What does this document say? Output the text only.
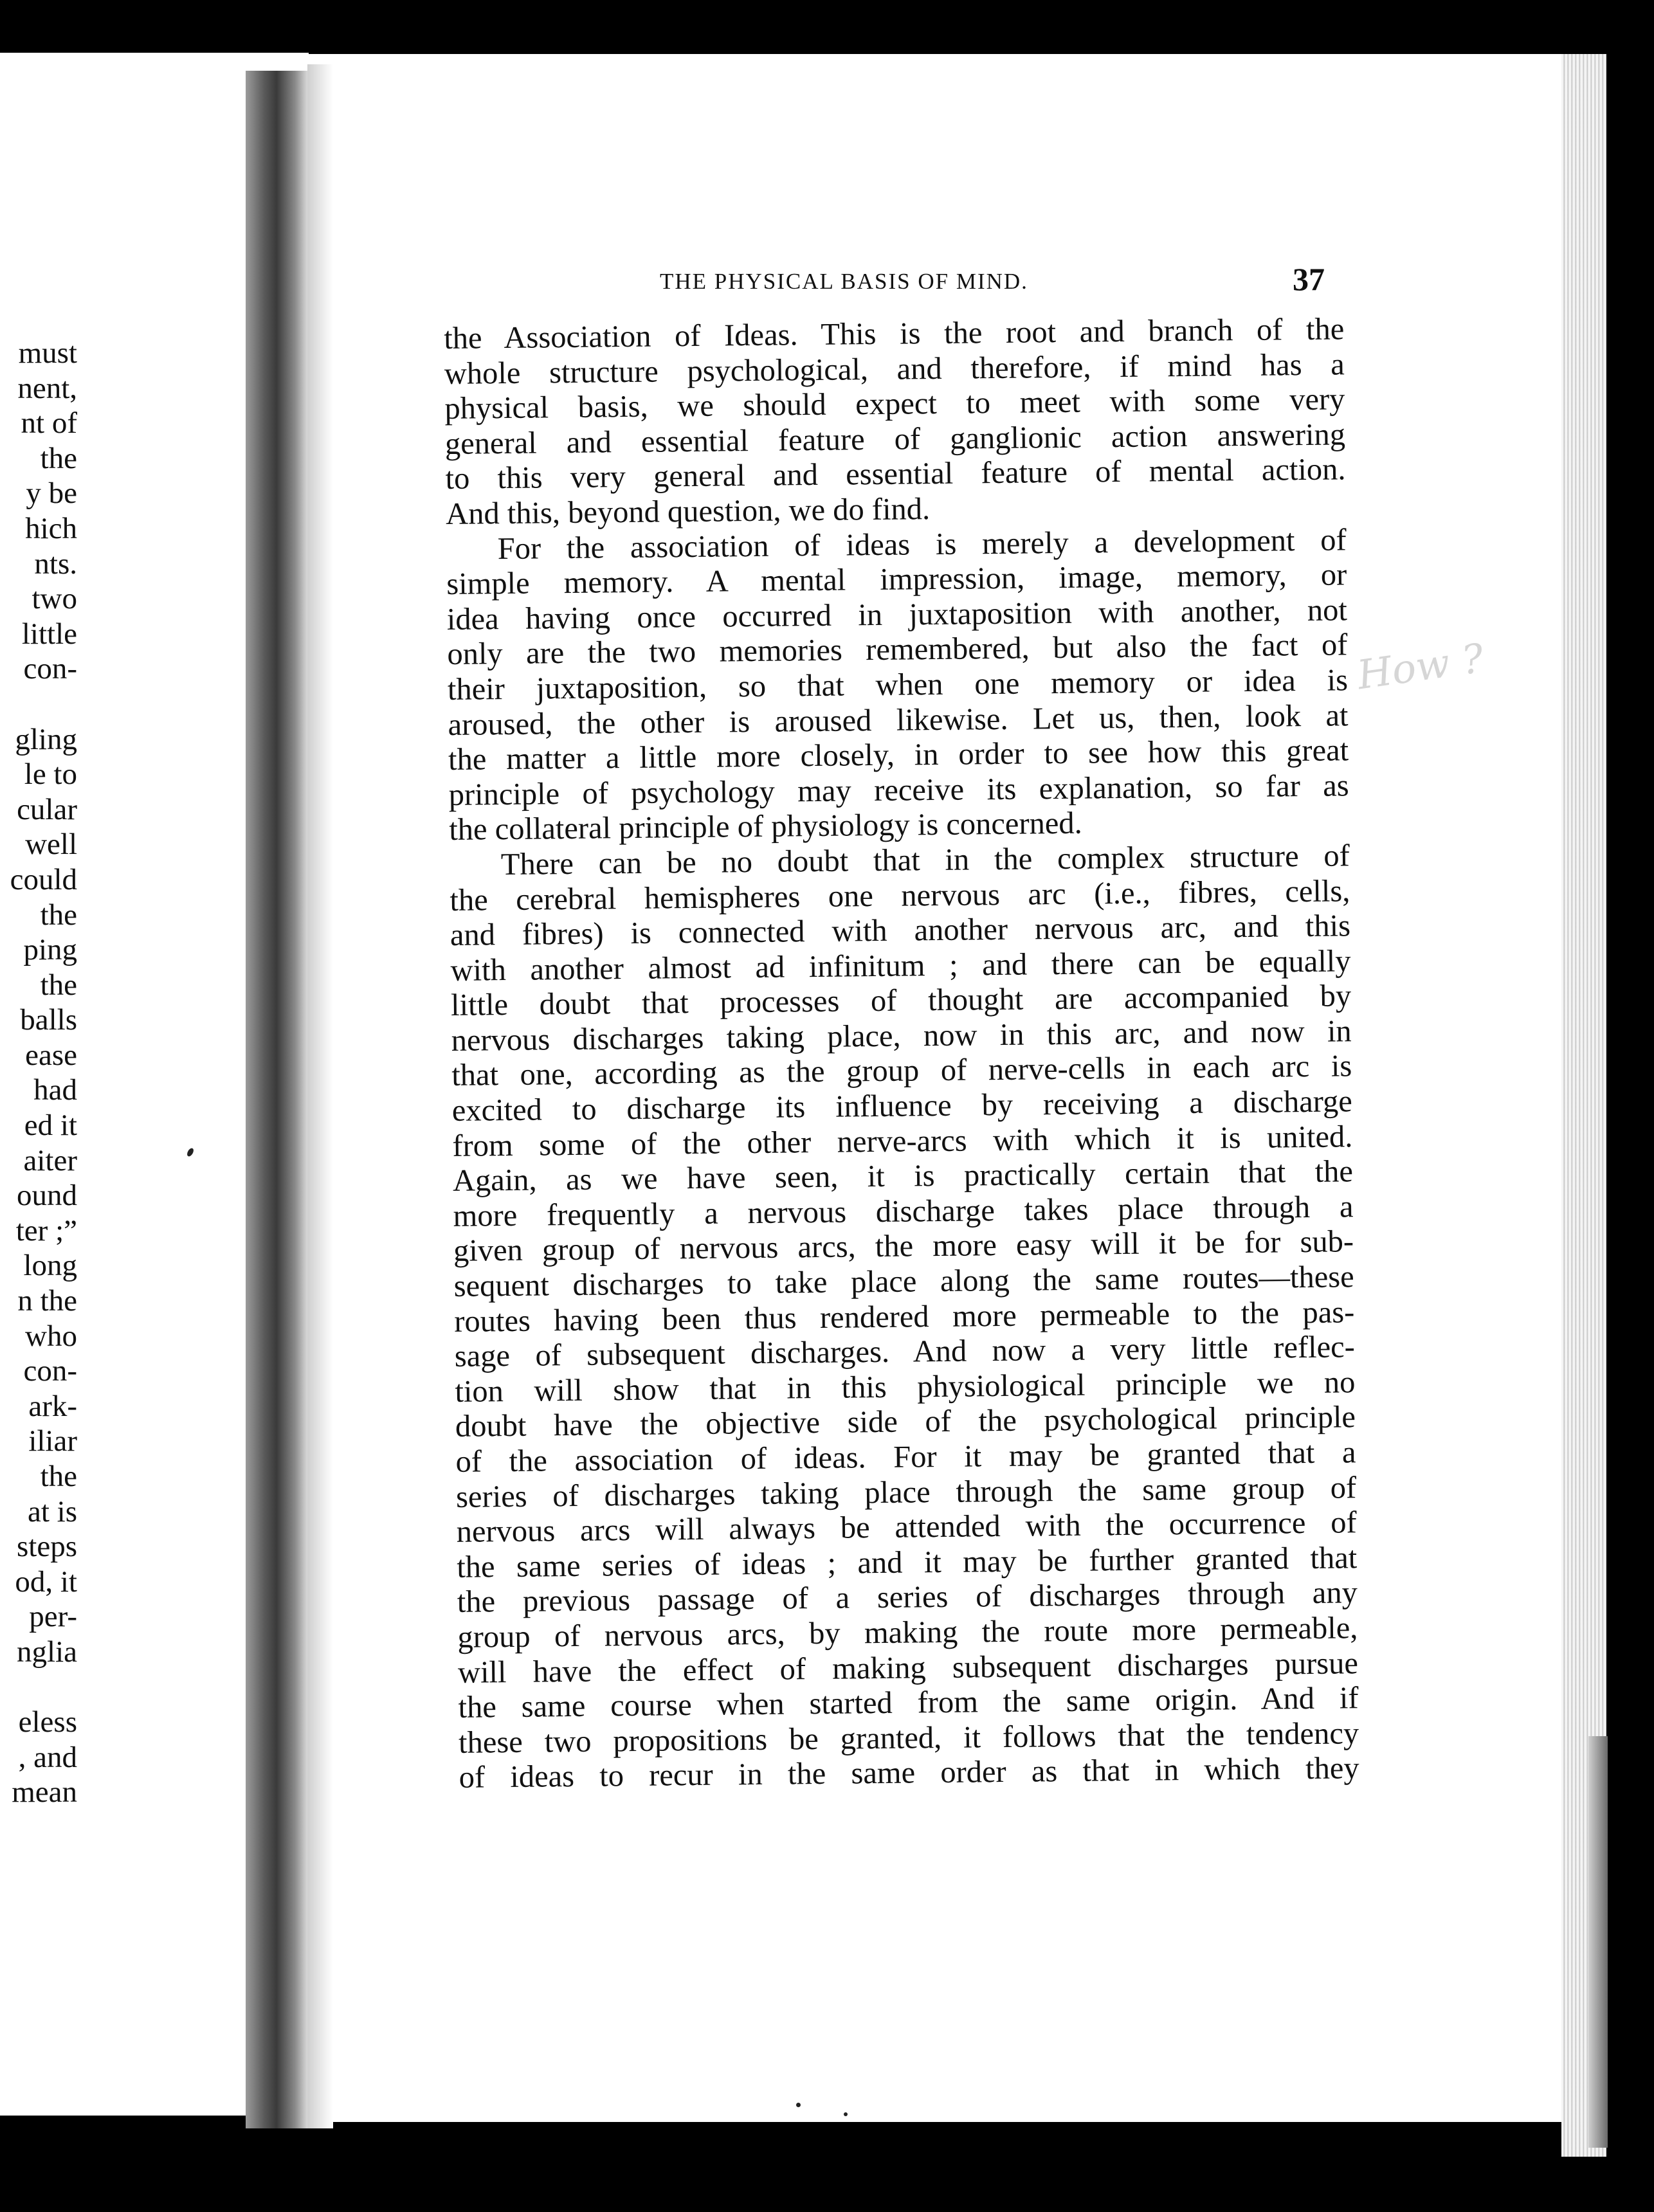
must
nent,
nt of
the
y be
hich
nts.
two
little
con-
gling
le to
cular
well
could
the
ping
the
balls
ease
had
ed it
aiter
ound
ter ;”
long
n the
who
con-
ark-
iliar
the
at is
steps
od, it
per-
nglia
eless
, and
mean
THE PHYSICAL BASIS OF MIND.	37
the Association of Ideas. This is the root and branch of the
whole structure psychological, and therefore, if mind has a
physical basis, we should expect to meet with some very
general and essential feature of ganglionic action answering
to this very general and essential feature of mental action.
And this, beyond question, we do find.
For the association of ideas is merely a development of
simple memory. A mental impression, image, memory, or
idea having once occurred in juxtaposition with another, not
only are the two memories remembered, but also the fact of
their juxtaposition, so that when one memory or idea is
aroused, the other is aroused likewise. Let us, then, look at
the matter a little more closely, in order to see how this great
principle of psychology may receive its explanation, so far as
the collateral principle of physiology is concerned.
There can be no doubt that in the complex structure of
the cerebral hemispheres one nervous arc (i.e., fibres, cells,
and fibres) is connected with another nervous arc, and this
with another almost ad infinitum ; and there can be equally
little doubt that processes of thought are accompanied by
nervous discharges taking place, now in this arc, and now in
that one, according as the group of nerve-cells in each arc is
excited to discharge its influence by receiving a discharge
from some of the other nerve-arcs with which it is united.
Again, as we have seen, it is practically certain that the
more frequently a nervous discharge takes place through a
given group of nervous arcs, the more easy will it be for sub-
sequent discharges to take place along the same routes—these
routes having been thus rendered more permeable to the pas-
sage of subsequent discharges. And now a very little reflec-
tion will show that in this physiological principle we no
doubt have the objective side of the psychological principle
of the association of ideas. For it may be granted that a
series of discharges taking place through the same group of
nervous arcs will always be attended with the occurrence of
the same series of ideas ; and it may be further granted that
the previous passage of a series of discharges through any
group of nervous arcs, by making the route more permeable,
will have the effect of making subsequent discharges pursue
the same course when started from the same origin. And if
these two propositions be granted, it follows that the tendency
of ideas to recur in the same order as that in which they
How ?
